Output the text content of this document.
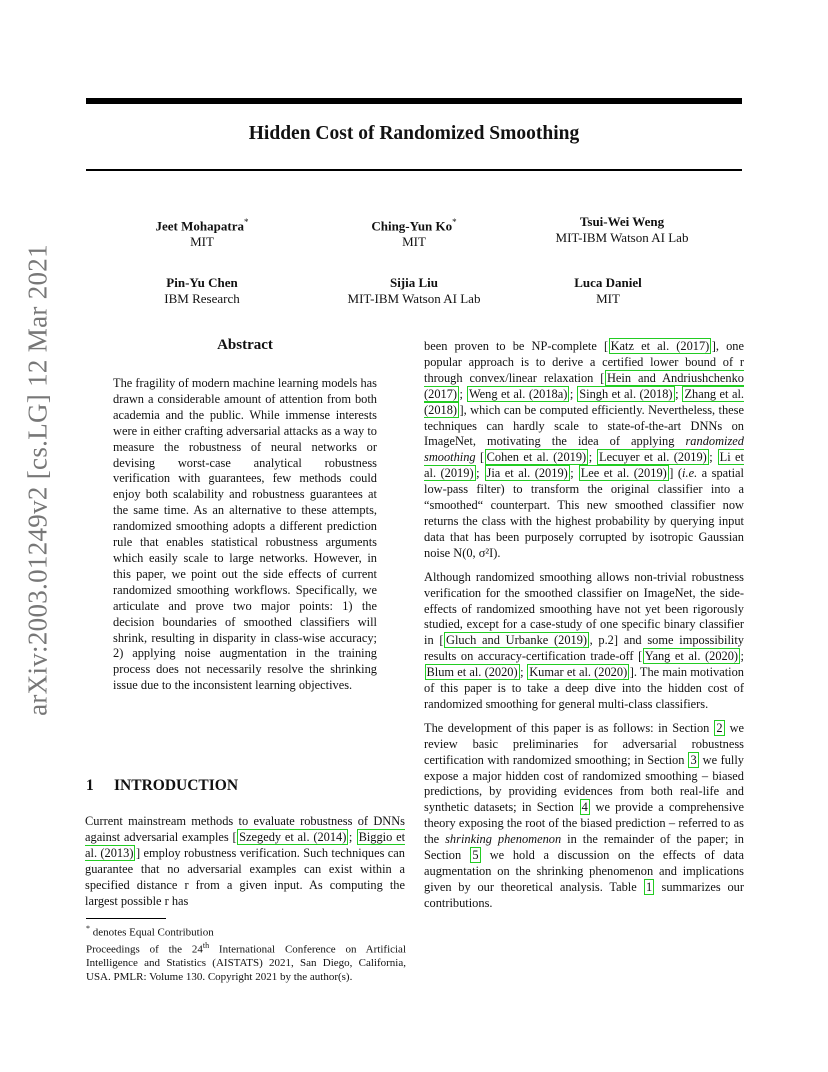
Hidden Cost of Randomized Smoothing
Jeet Mohapatra*
MIT
Ching-Yun Ko*
MIT
Tsui-Wei Weng
MIT-IBM Watson AI Lab
Pin-Yu Chen
IBM Research
Sijia Liu
MIT-IBM Watson AI Lab
Luca Daniel
MIT
arXiv:2003.01249v2 [cs.LG] 12 Mar 2021	Abstract
The fragility of modern machine learning models has drawn a considerable amount of attention from both academia and the public. While immense interests were in either crafting adversarial attacks as a way to measure the robustness of neural networks or devising worst-case analytical robustness verification with guarantees, few methods could enjoy both scalability and robustness guarantees at the same time. As an alternative to these attempts, randomized smoothing adopts a different prediction rule that enables statistical robustness arguments which easily scale to large networks. However, in this paper, we point out the side effects of current randomized smoothing workflows. Specifically, we articulate and prove two major points: 1) the decision boundaries of smoothed classifiers will shrink, resulting in disparity in class-wise accuracy; 2) applying noise augmentation in the training process does not necessarily resolve the shrinking issue due to the inconsistent learning objectives.
1 INTRODUCTION

Current mainstream methods to evaluate robustness of DNNs against adversarial examples [ Szegedy et al. (2014) ; Biggio et al. (2013) ] employ robustness verification. Such techniques can guarantee that no adversarial examples can exist within a specified distance r from a given input. As computing the largest possible r has

* denotes Equal Contribution
Proceedings of the 24th International Conference on Artificial Intelligence and Statistics (AISTATS) 2021, San Diego, California, USA. PMLR: Volume 130. Copyright 2021 by the author(s).

been proven to be NP-complete [ Katz et al. (2017) ], one popular approach is to derive a certified lower bound of r through convex/linear relaxation [ Hein and Andriushchenko (2017) ; Weng et al. (2018a) ; Singh et al. (2018) ; Zhang et al. (2018) ], which can be computed efficiently. Nevertheless, these techniques can hardly scale to state-of-the-art DNNs on ImageNet, motivating the idea of applying randomized smoothing [ Cohen et al. (2019) ; Lecuyer et al. (2019) ; Li et al. (2019) ; Jia et al. (2019) ; Lee et al. (2019) ] (i.e. a spatial low-pass filter) to transform the original classifier into a “smoothed“ counterpart. This new smoothed classifier now returns the class with the highest probability by querying input data that has been purposely corrupted by isotropic Gaussian noise N(0, σ²I).

Although randomized smoothing allows non-trivial robustness verification for the smoothed classifier on ImageNet, the side-effects of randomized smoothing have not yet been rigorously studied, except for a case-study of one specific binary classifier in [ Gluch and Urbanke (2019) , p.2] and some impossibility results on accuracy-certification trade-off [ Yang et al. (2020) ; Blum et al. (2020) ; Kumar et al. (2020) ]. The main motivation of this paper is to take a deep dive into the hidden cost of randomized smoothing for general multi-class classifiers.

The development of this paper is as follows: in Section 2 we review basic preliminaries for adversarial robustness certification with randomized smoothing; in Section 3 we fully expose a major hidden cost of randomized smoothing – biased predictions, by providing evidences from both real-life and synthetic datasets; in Section 4 we provide a comprehensive theory exposing the root of the biased prediction – referred to as the shrinking phenomenon in the remainder of the paper; in Section 5 we hold a discussion on the effects of data augmentation on the shrinking phenomenon and implications given by our theoretical analysis. Table 1 summarizes our contributions.
